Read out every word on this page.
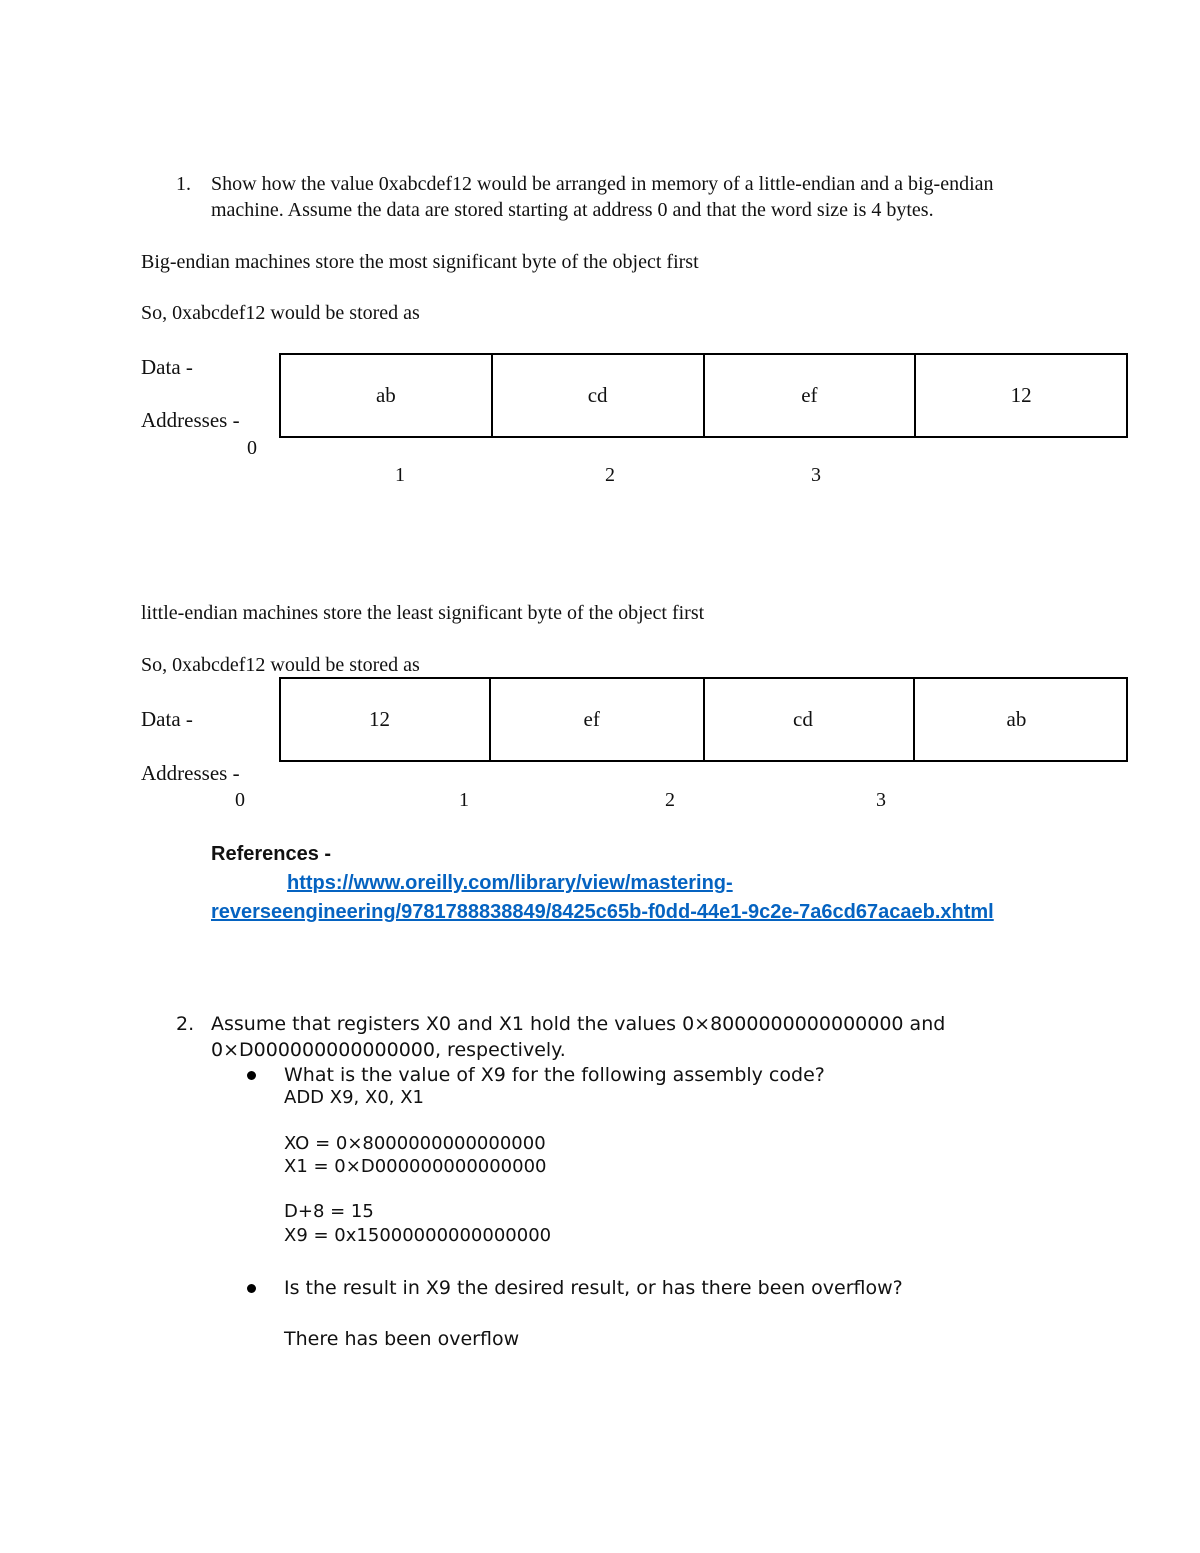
1. Show how the value 0xabcdef12 would be arranged in memory of a little-endian and a big-endian
machine. Assume the data are stored starting at address 0 and that the word size is 4 bytes.
Big-endian machines store the most significant byte of the object first
So, 0xabcdef12 would be stored as
Data -
Addresses -
ab	cd	ef	12
0
1	2	3
little-endian machines store the least significant byte of the object first
So, 0xabcdef12 would be stored as
Data -
Addresses -
12	ef	cd	ab
0	1	2	3
References -
https://www.oreilly.com/library/view/mastering-
reverseengineering/9781788838849/8425c65b-f0dd-44e1-9c2e-7a6cd67acaeb.xhtml
2. Assume that registers X0 and X1 hold the values 0×8000000000000000 and
0×D000000000000000, respectively.
What is the value of X9 for the following assembly code?
ADD X9, X0, X1
XO = 0×8000000000000000
X1 = 0×D000000000000000
D+8 = 15
X9 = 0x15000000000000000
Is the result in X9 the desired result, or has there been overflow?
There has been overflow
